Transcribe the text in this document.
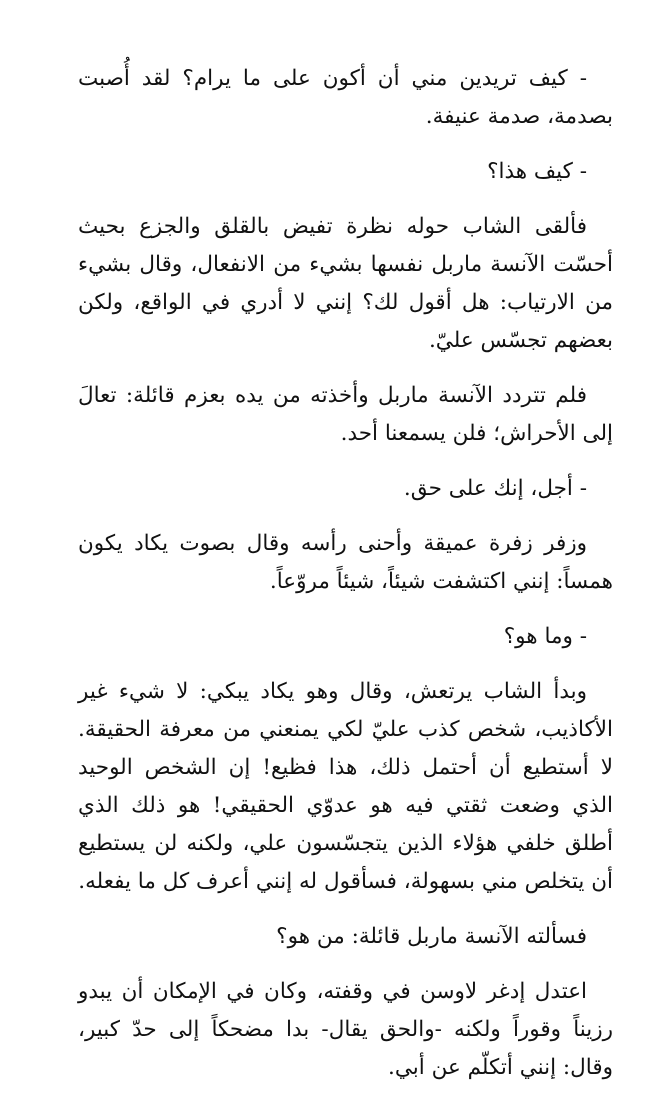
- كيف تريدين مني أن أكون على ما يرام؟ لقد أُصبت بصدمة، صدمة عنيفة.

- كيف هذا؟

فألقى الشاب حوله نظرة تفيض بالقلق والجزع بحيث أحسّت الآنسة ماربل نفسها بشيء من الانفعال، وقال بشيء من الارتياب: هل أقول لك؟ إنني لا أدري في الواقع، ولكن بعضهم تجسّس عليّ.

فلم تتردد الآنسة ماربل وأخذته من يده بعزم قائلة: تعالَ إلى الأحراش؛ فلن يسمعنا أحد.

- أجل، إنك على حق.

وزفر زفرة عميقة وأحنى رأسه وقال بصوت يكاد يكون همساً: إنني اكتشفت شيئاً، شيئاً مروّعاً.

- وما هو؟

وبدأ الشاب يرتعش، وقال وهو يكاد يبكي: لا شيء غير الأكاذيب، شخص كذب عليّ لكي يمنعني من معرفة الحقيقة. لا أستطيع أن أحتمل ذلك، هذا فظيع! إن الشخص الوحيد الذي وضعت ثقتي فيه هو عدوّي الحقيقي! هو ذلك الذي أطلق خلفي هؤلاء الذين يتجسّسون علي، ولكنه لن يستطيع أن يتخلص مني بسهولة، فسأقول له إنني أعرف كل ما يفعله.

فسألته الآنسة ماربل قائلة: من هو؟

اعتدل إدغر لاوسن في وقفته، وكان في الإمكان أن يبدو رزيناً وقوراً ولكنه -والحق يقال- بدا مضحكاً إلى حدّ كبير، وقال: إنني أتكلّم عن أبي.
